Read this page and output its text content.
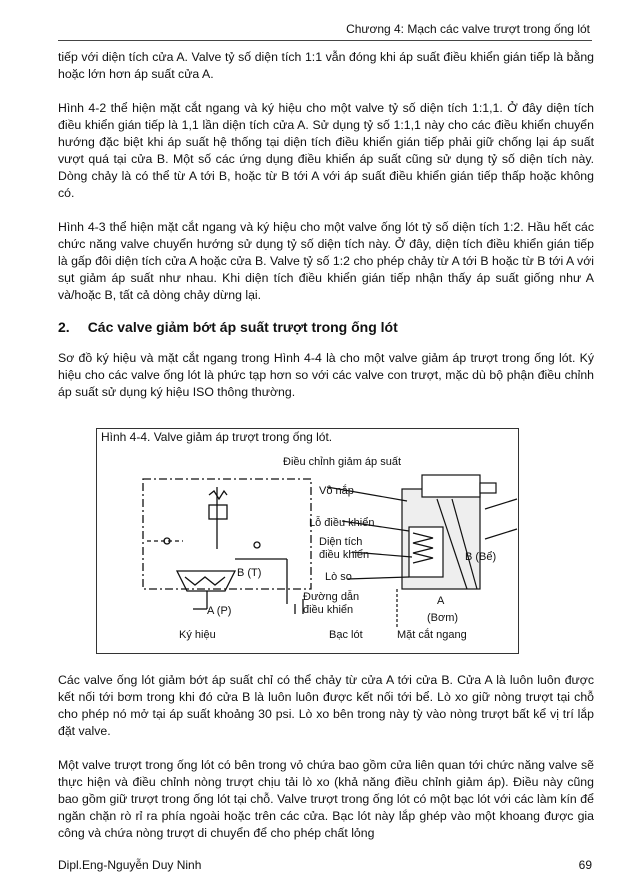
Chương 4: Mạch các valve trượt trong ống lót

tiếp với diện tích cửa A. Valve tỷ số diện tích 1:1 vẫn đóng khi áp suất điều khiển gián tiếp là bằng hoặc lớn hơn áp suất cửa A.

Hình 4-2 thể hiện mặt cắt ngang và ký hiệu cho một valve tỷ số diện tích 1:1,1. Ở đây diện tích điều khiển gián tiếp là 1,1 lần diện tích cửa A. Sử dụng tỷ số 1:1,1 này cho các điều khiển chuyển hướng đặc biệt khi áp suất hệ thống tại diện tích điều khiển gián tiếp phải giữ chống lại áp suất vượt quá tại cửa B. Một số các ứng dụng điều khiển áp suất cũng sử dụng tỷ số diện tích này. Dòng chảy là có thể từ A tới B, hoặc từ B tới A với áp suất điều khiển gián tiếp thấp hoặc không có.

Hình 4-3 thể hiện mặt cắt ngang và ký hiệu cho một valve ống lót tỷ số diện tích 1:2. Hầu hết các chức năng valve chuyển hướng sử dụng tỷ số diện tích này. Ở đây, diện tích điều khiển gián tiếp là gấp đôi diện tích cửa A hoặc cửa B. Valve tỷ số 1:2 cho phép chảy từ A tới B hoặc từ B tới A với sụt giảm áp suất như nhau. Khi diện tích điều khiển gián tiếp nhận thấy áp suất giống như A và/hoặc B, tất cả dòng chảy dừng lại.

2. Các valve giảm bớt áp suất trượt trong ống lót

Sơ đồ ký hiệu và mặt cắt ngang trong Hình 4-4 là cho một valve giảm áp trượt trong ống lót. Ký hiệu cho các valve ống lót là phức tạp hơn so với các valve con trượt, mặc dù bộ phận điều chỉnh áp suất sử dụng ký hiệu ISO thông thường.

Hình 4-4. Valve giảm áp trượt trong ống lót.
Điều chỉnh giảm áp suất
Vỏ nắp
Lỗ điều khiển
Diện tích
điều khiển
Lò so
Đường dẫn
điều khiển
B (T)
A (P)
Ký hiệu	Bạc lót	Mặt cắt ngang
B (Bể)
A
(Bơm)

Các valve ống lót giảm bớt áp suất chỉ có thể chảy từ cửa A tới cửa B. Cửa A là luôn luôn được kết nối tới bơm trong khi đó cửa B là luôn luôn được kết nối tới bể. Lò xo giữ nòng trượt tại chỗ cho phép nó mở tại áp suất khoảng 30 psi. Lò xo bên trong này tỳ vào nòng trượt bất kể vị trí lắp đặt valve.

Một valve trượt trong ống lót có bên trong vỏ chứa bao gồm cửa liên quan tới chức năng valve sẽ thực hiện và điều chỉnh nòng trượt chịu tải lò xo (khả năng điều chỉnh giảm áp). Điều này cũng bao gồm giữ trượt trong ống lót tại chỗ. Valve trượt trong ống lót có một bạc lót với các làm kín để ngăn chặn rò rỉ ra phía ngoài hoặc trên các cửa. Bạc lót này lắp ghép vào một khoang được gia công và chứa nòng trượt di chuyển để cho phép chất lỏng

Dipl.Eng-Nguyễn Duy Ninh	69
